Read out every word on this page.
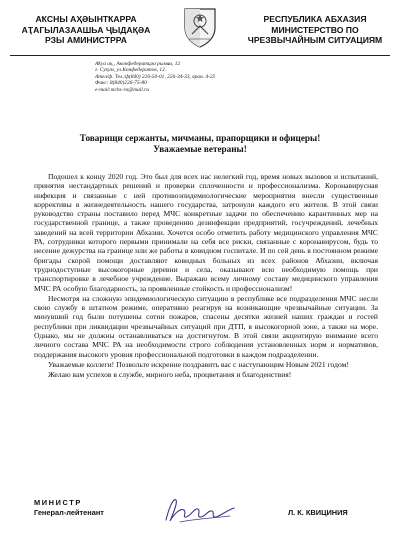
АҞСНЫ АҲӘЫНТҞАРРА
АҬАГЫЛАЗААШЬА ҶЫДАҚӘА
РЗЫ АМИНИСТРРА
РЕСПУБЛИКА АБХАЗИЯ
МИНИСТЕРСТВО ПО
ЧРЕЗВЫЧАЙНЫМ СИТУАЦИЯМ
Аҟуа ақ., Аконфедератцәа рымҩа, 12
г. Сухум, ул.Конфедератов, 12.
Ател/ф. Тел./ф(840) 226-50-01, 226-34-33, вран. 4-25
Факс: 8(840)226-75-80
e-mail:mchs-ra@mail.ru
Товарищи сержанты, мичманы, прапорщики и офицеры!
Уважаемые ветераны!

Подошел к концу 2020 год. Это был для всех нас нелегкий год, время новых вызовов и испытаний, принятия нестандартных решений и проверки сплоченности и профессионализма. Коронавирусная инфекция и связанные с ней противоэпидемиологические мероприятия внесли существенные коррективы в жизнедеятельность нашего государства, затронули каждого его жителя. В этой связи руководство страны поставило перед МЧС конкретные задачи по обеспечению карантинных мер на государственной границе, а также проведению дезинфекции предприятий, госучреждений, лечебных заведений на всей территории Абхазии. Хочется особо отметить работу медицинского управления МЧС РА, сотрудники которого первыми принимали на себя все риски, связанные с коронавирусом, будь то несение дежурства на границе или же работы в ковидном госпитале. И по сей день в постоянном режиме бригады скорой помощи доставляют ковидных больных из всех районов Абхазии, включая труднодоступные высокогорные деревни и села, оказывают всю необходимую помощь при транспортировке в лечебное учреждение. Выражаю всему личному составу медицинского управления МЧС РА особую благодарность, за проявленные стойкость и профессионализм!

Несмотря на сложную эпидемиологическую ситуацию в республике все подразделения МЧС несли свою службу в штатном режиме, оперативно реагируя на возникающие чрезвычайные ситуации. За минувший год были потушены сотни пожаров, спасены десятки жизней наших граждан и гостей республики при ликвидации чрезвычайных ситуаций при ДТП, в высокогорной зоне, а также на море. Однако, мы не должны останавливаться на достигнутом. В этой связи акцентирую внимание всего личного состава МЧС РА на необходимости строго соблюдения установленных норм и нормативов, поддержания высокого уровня профессиональной подготовки в каждом подразделении.

Уважаемые коллеги! Позвольте искренне поздравить вас с наступающим Новым 2021 годом!

Желаю вам успехов в службе, мирного неба, процветания и благоденствия!

МИНИСТР
Генерал-лейтенант	Л. К. КВИЦИНИЯ
